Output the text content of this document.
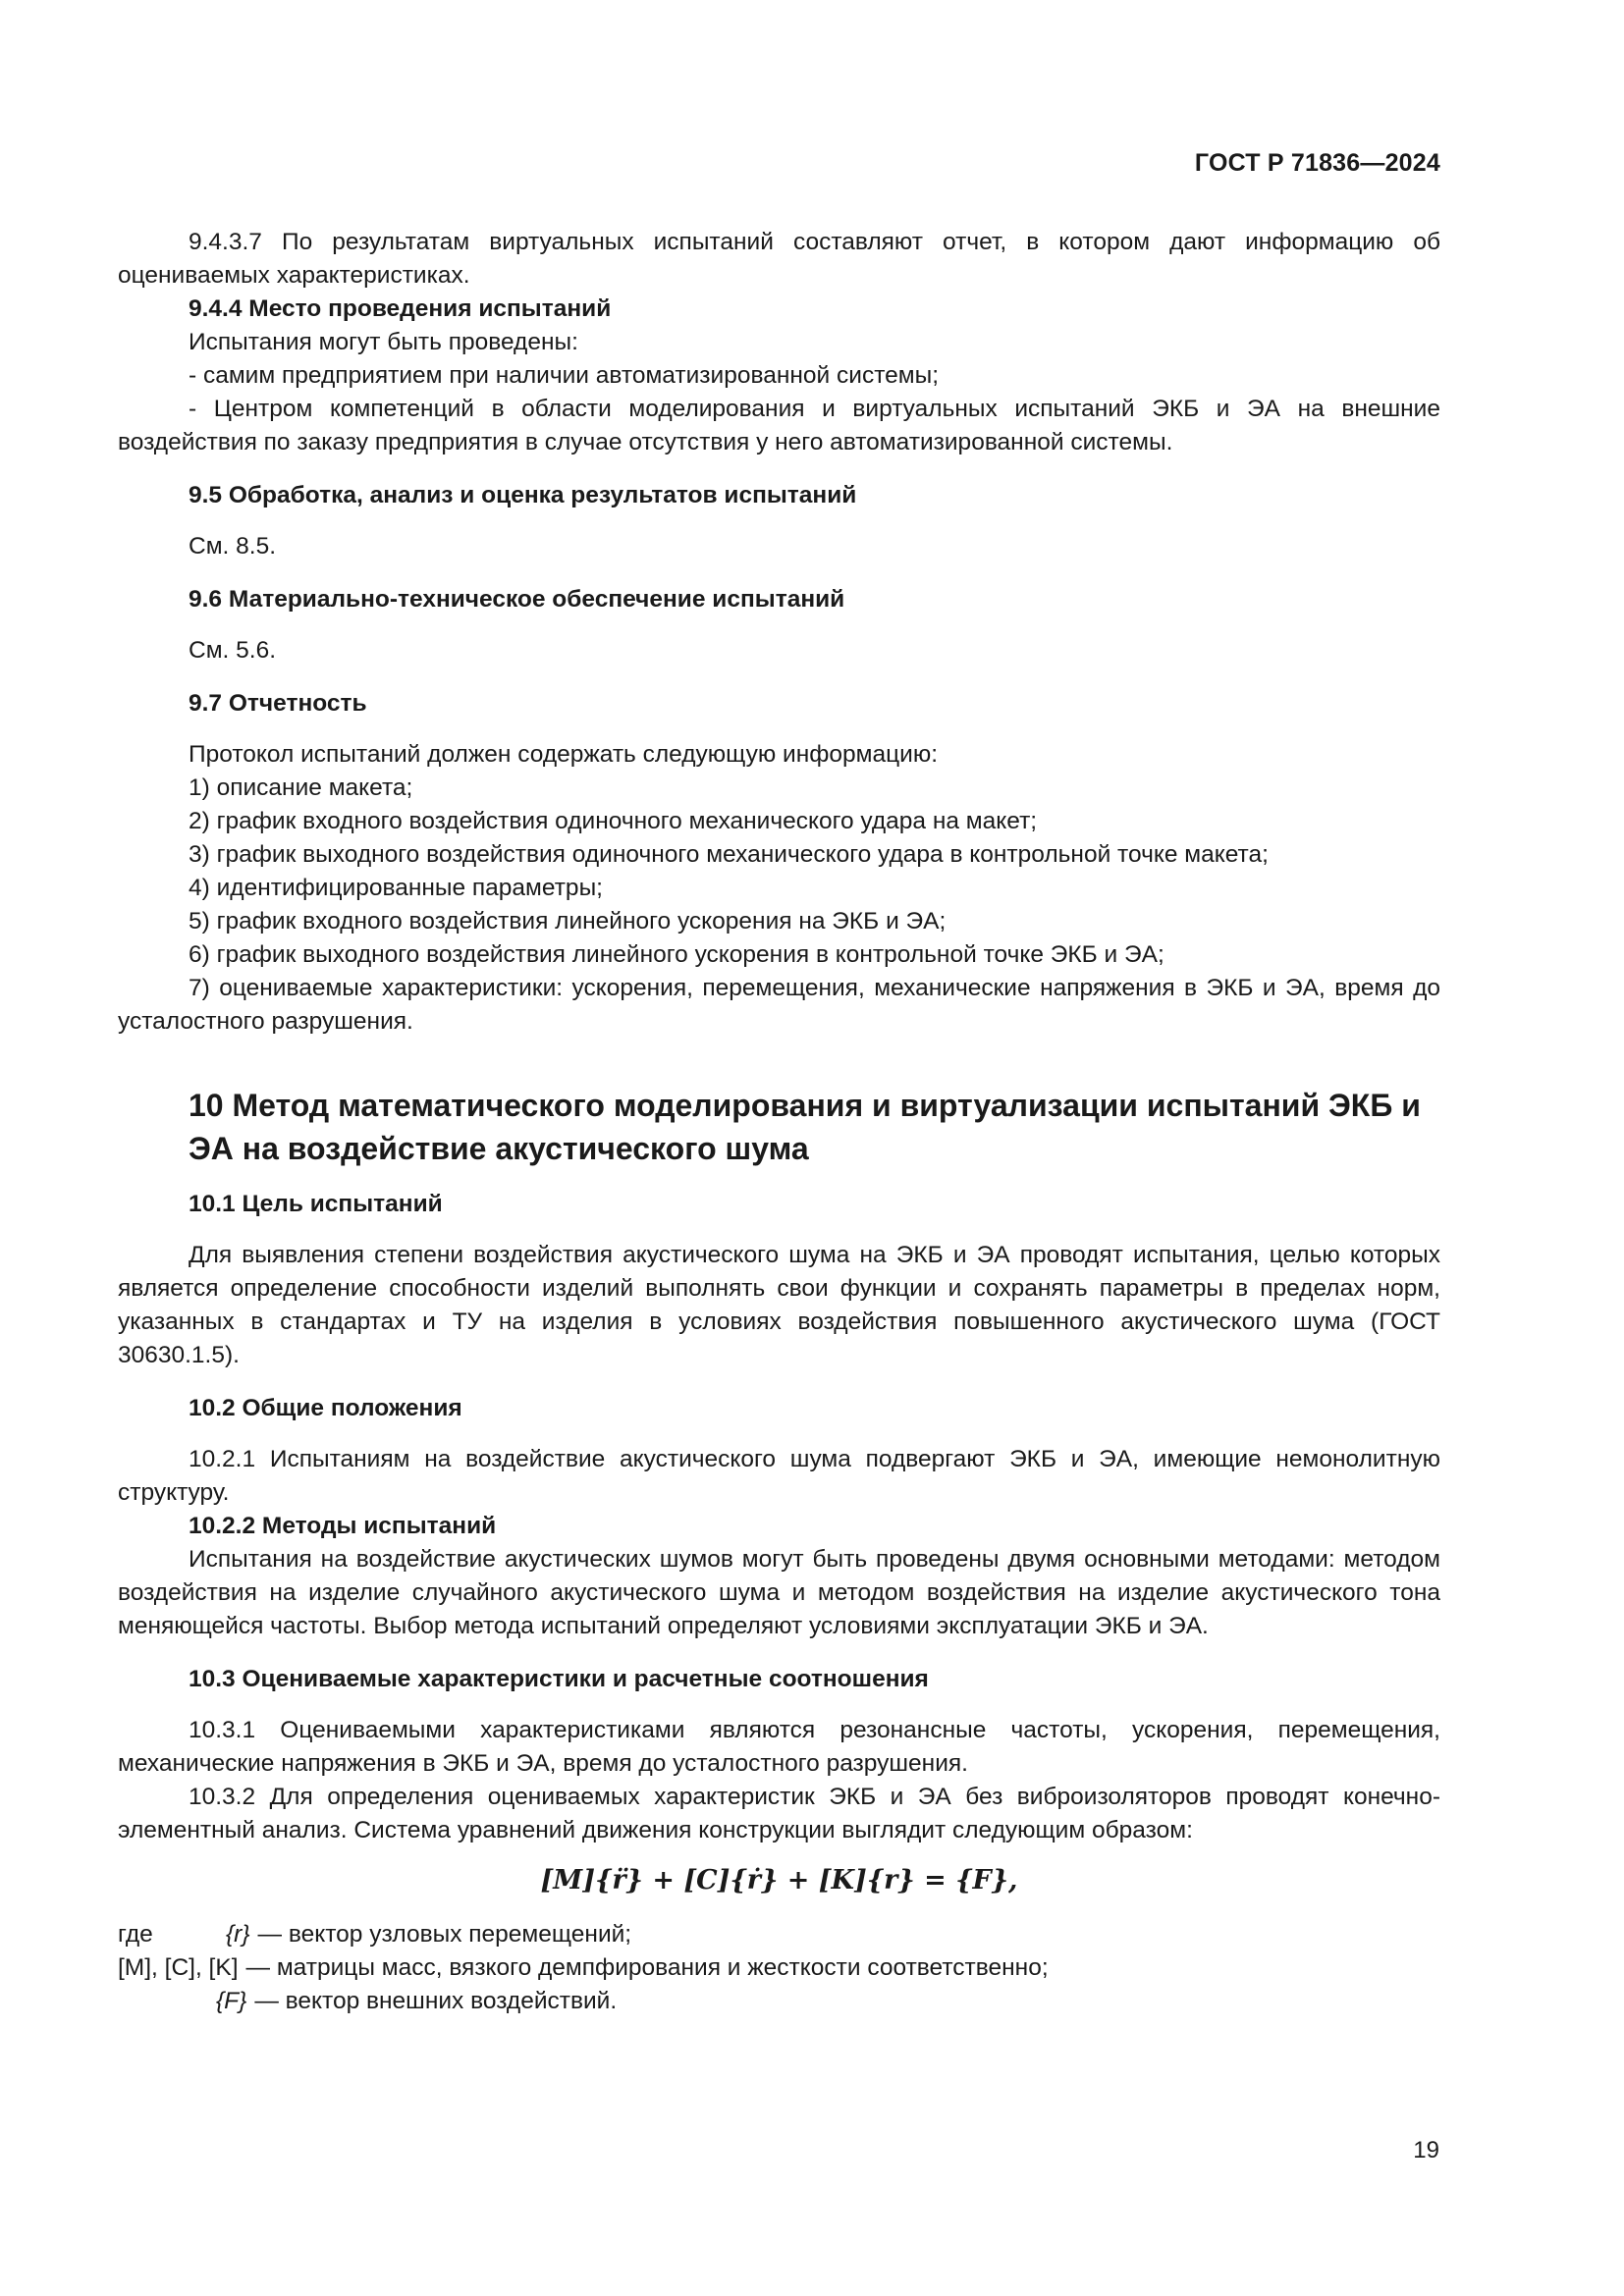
ГОСТ Р 71836—2024

9.4.3.7 По результатам виртуальных испытаний составляют отчет, в котором дают информацию об оцениваемых характеристиках.

9.4.4 Место проведения испытаний

Испытания могут быть проведены:

- самим предприятием при наличии автоматизированной системы;

- Центром компетенций в области моделирования и виртуальных испытаний ЭКБ и ЭА на внешние воздействия по заказу предприятия в случае отсутствия у него автоматизированной системы.

9.5 Обработка, анализ и оценка результатов испытаний

См. 8.5.

9.6 Материально-техническое обеспечение испытаний

См. 5.6.

9.7 Отчетность

Протокол испытаний должен содержать следующую информацию:

1) описание макета;

2) график входного воздействия одиночного механического удара на макет;

3) график выходного воздействия одиночного механического удара в контрольной точке макета;

4) идентифицированные параметры;

5) график входного воздействия линейного ускорения на ЭКБ и ЭА;

6) график выходного воздействия линейного ускорения в контрольной точке ЭКБ и ЭА;

7) оцениваемые характеристики: ускорения, перемещения, механические напряжения в ЭКБ и ЭА, время до усталостного разрушения.

10 Метод математического моделирования и виртуализации испытаний ЭКБ и ЭА на воздействие акустического шума

10.1 Цель испытаний

Для выявления степени воздействия акустического шума на ЭКБ и ЭА проводят испытания, целью которых является определение способности изделий выполнять свои функции и сохранять параметры в пределах норм, указанных в стандартах и ТУ на изделия в условиях воздействия повышенного акустического шума (ГОСТ 30630.1.5).

10.2 Общие положения

10.2.1 Испытаниям на воздействие акустического шума подвергают ЭКБ и ЭА, имеющие немонолитную структуру.

10.2.2 Методы испытаний

Испытания на воздействие акустических шумов могут быть проведены двумя основными методами: методом воздействия на изделие случайного акустического шума и методом воздействия на изделие акустического тона меняющейся частоты. Выбор метода испытаний определяют условиями эксплуатации ЭКБ и ЭА.

10.3 Оцениваемые характеристики и расчетные соотношения

10.3.1 Оцениваемыми характеристиками являются резонансные частоты, ускорения, перемещения, механические напряжения в ЭКБ и ЭА, время до усталостного разрушения.

10.3.2 Для определения оцениваемых характеристик ЭКБ и ЭА без виброизоляторов проводят конечно-элементный анализ. Система уравнений движения конструкции выглядит следующим образом:

[M]{r̈} + [C]{ṙ} + [K]{r} = {F},
где	{r} — вектор узловых перемещений;
[M], [C], [K] — матрицы масс, вязкого демпфирования и жесткости соответственно;
{F} — вектор внешних воздействий.
19
